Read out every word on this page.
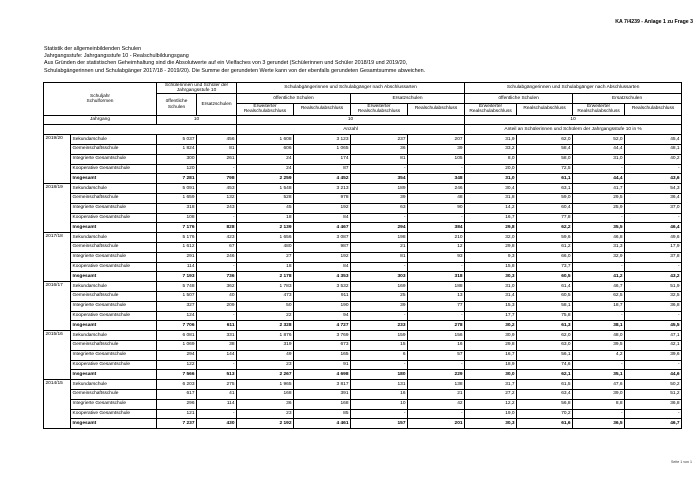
KA 7/4239 - Anlage 1 zu Frage 3
Statistik der allgemeinbildenden Schulen
Jahrgangsstufe: Jahrgangsstufe 10 - Realschulbildungsgang
Aus Gründen der statistischen Geheimhaltung sind die Absolutwerte auf ein Vielfaches von 3 gerundet (Schülerinnen und Schüler 2018/19 und 2019/20,
Schulabgängerinnen und Schulabgänger 2017/18 - 2019/20). Die Summe der gerundeten Werte kann von der ebenfalls gerundeten Gesamtsumme abweichen.
Schuljahr
Schulformen		Schülerinnen und Schüler der Jahrgangsstufe 10		Schulabgängerinnen und Schulabgänger nach Abschlussarten				Schulabgängerinnen und Schulabgänger nach Abschlussarten			
		öffentliche Schulen	Ersatzschulen	öffentliche Schulen		Ersatzschulen		öffentliche Schulen		Ersatzschulen	
				Erweiterter Realschulabschluss	Realschulabschluss	Erweiterter Realschulabschluss	Realschulabschluss	Erweiterter Realschulabschluss	Realschulabschluss	Erweiterter Realschulabschluss	Realschulabschluss
Jahrgang		10		10				10			
				Anzahl				Anteil an Schülerinnen und Schülern der Jahrgangsstufe 10 in %			
2019/20	Sekundarschule	5 037	456	1 608	3 123	237	207	31,9	62,0	52,0	45,4
	Gemeinschaftsschule	1 824	81	606	1 065	36	39	33,2	58,4	44,4	48,1
	Integrierte Gesamtschule	300	261	24	174	81	105	8,0	58,0	31,0	40,2
	Kooperative Gesamtschule	120	-	24	87	-	-	20,0	72,5	-	-
	Insgesamt	7 281	798	2 259	4 452	354	348	31,0	61,1	44,4	43,6
2018/19	Sekundarschule	5 091	453	1 548	3 213	189	246	30,4	63,1	41,7	54,3
	Gemeinschaftsschule	1 659	132	528	978	39	48	31,8	59,0	29,5	36,4
	Integrierte Gesamtschule	318	243	45	192	63	90	14,2	60,4	25,9	37,0
	Kooperative Gesamtschule	108	-	18	84	-	-	16,7	77,8	-	-
	Insgesamt	7 176	828	2 139	4 467	294	384	29,8	62,2	35,5	46,4
2017/18	Sekundarschule	5 176	423	1 656	3 087	198	210	32,0	59,6	46,8	49,6
	Gemeinschaftsschule	1 612	67	480	987	21	12	29,8	61,2	31,3	17,9
	Integrierte Gesamtschule	291	246	27	192	81	93	9,3	66,0	32,9	37,8
	Kooperative Gesamtschule	114	-	18	84	-	-	15,8	73,7	-	-
	Insgesamt	7 193	736	2 178	4 353	303	318	30,3	60,5	41,2	43,2
2016/17	Sekundarschule	5 748	362	1 783	3 532	169	188	31,0	61,4	46,7	51,9
	Gemeinschaftsschule	1 507	40	473	911	25	13	31,4	60,5	62,5	32,5
	Integrierte Gesamtschule	327	209	50	190	39	77	15,3	58,1	18,7	36,8
	Kooperative Gesamtschule	124	-	22	94	-	-	17,7	75,8	-	-
	Insgesamt	7 706	611	2 328	4 727	233	278	30,2	61,3	38,1	45,5
2015/16	Sekundarschule	6 081	331	1 876	3 769	159	156	30,9	62,0	48,0	47,1
	Gemeinschaftsschule	1 069	38	319	673	15	16	29,8	63,0	39,5	42,1
	Integrierte Gesamtschule	294	144	49	165	6	57	16,7	56,1	4,2	39,6
	Kooperative Gesamtschule	122	-	23	91	-	-	18,9	74,6	-	-
	Insgesamt	7 566	513	2 267	4 698	180	229	30,0	62,1	35,1	44,6
2014/15	Sekundarschule	6 203	275	1 965	3 817	131	138	31,7	61,5	47,6	50,2
	Gemeinschaftsschule	617	41	168	391	16	21	27,2	63,4	39,0	51,2
	Integrierte Gesamtschule	296	114	36	168	10	42	12,2	56,8	8,8	36,8
	Kooperative Gesamtschule	121	-	23	85	-	-	19,0	70,2	-	-
	Insgesamt	7 237	430	2 192	4 461	157	201	30,3	61,6	36,5	46,7
Seite 1 von 1
